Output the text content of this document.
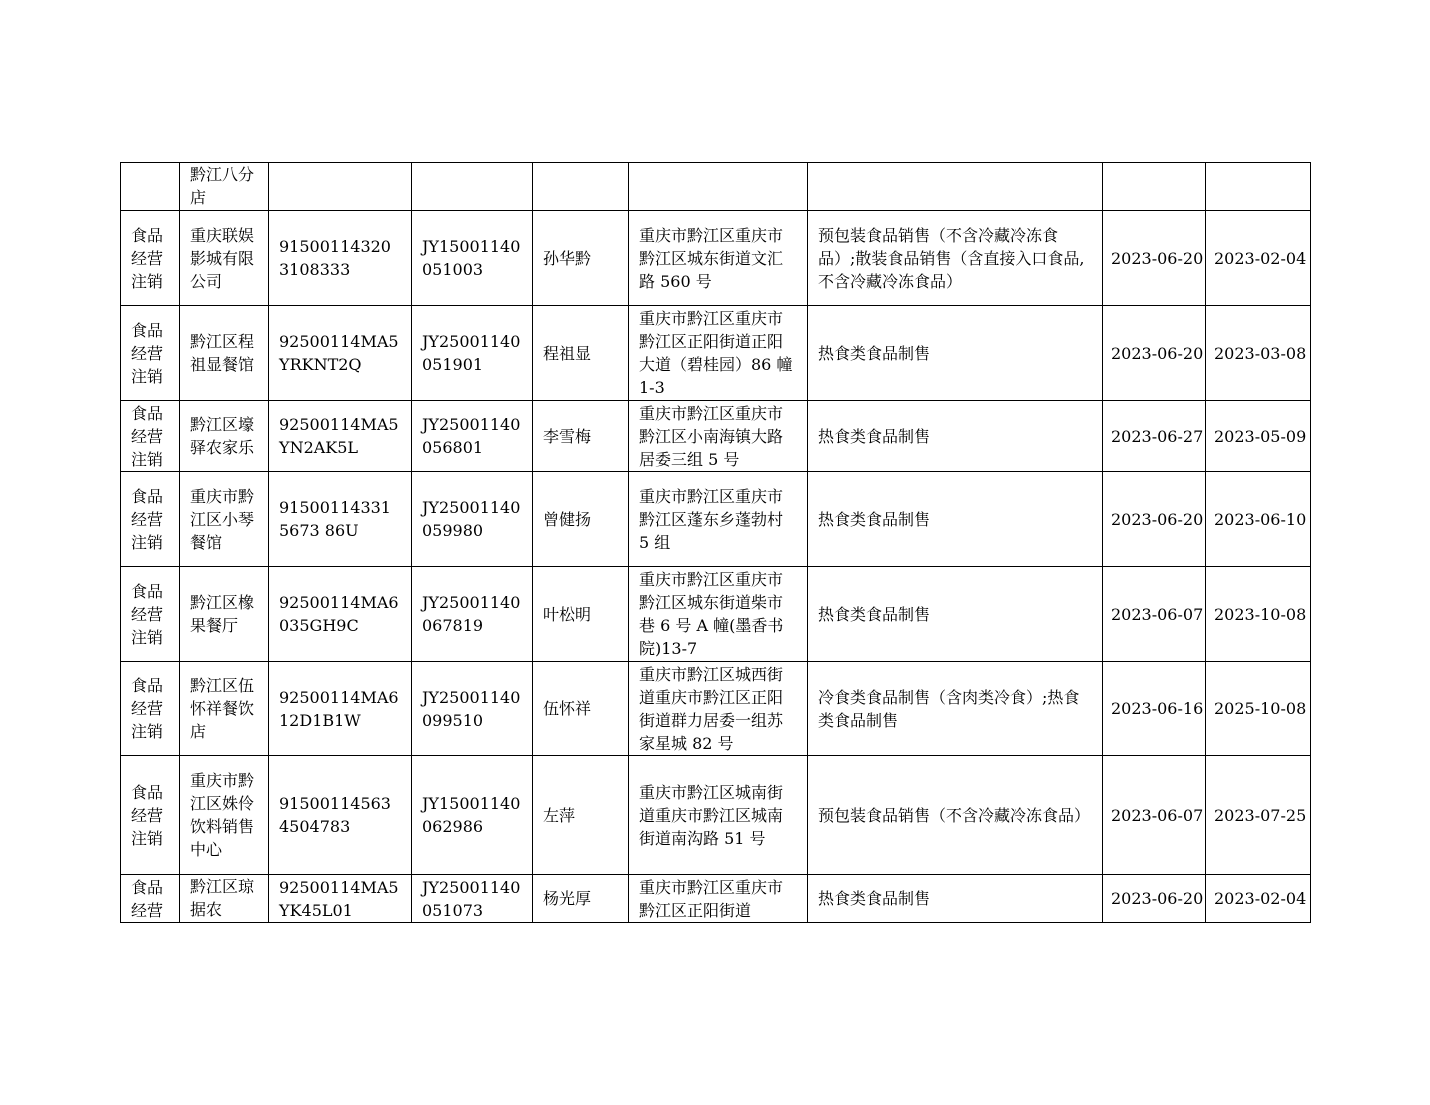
	黔江八分店							
食品经营注销	重庆联娱影城有限公司	915001143203108333	JY15001140051003	孙华黔	重庆市黔江区重庆市黔江区城东街道文汇路 560 号	预包装食品销售（不含冷藏冷冻食品）;散装食品销售（含直接入口食品,不含冷藏冷冻食品）	2023-06-20	2023-02-04
食品经营注销	黔江区程祖显餐馆	92500114MA5YRKNT2Q	JY25001140051901	程祖显	重庆市黔江区重庆市黔江区正阳街道正阳大道（碧桂园）86 幢 1-3	热食类食品制售	2023-06-20	2023-03-08
食品经营注销	黔江区壕驿农家乐	92500114MA5YN2AK5L	JY25001140056801	李雪梅	重庆市黔江区重庆市黔江区小南海镇大路居委三组 5 号	热食类食品制售	2023-06-27	2023-05-09
食品经营注销	重庆市黔江区小琴餐馆	915001143315673 86U	JY25001140059980	曾健扬	重庆市黔江区重庆市黔江区蓬东乡蓬勃村 5 组	热食类食品制售	2023-06-20	2023-06-10
食品经营注销	黔江区橡果餐厅	92500114MA6035GH9C	JY25001140067819	叶松明	重庆市黔江区重庆市黔江区城东街道柴市巷 6 号 A 幢(墨香书院)13-7	热食类食品制售	2023-06-07	2023-10-08
食品经营注销	黔江区伍怀祥餐饮店	92500114MA612D1B1W	JY25001140099510	伍怀祥	重庆市黔江区城西街道重庆市黔江区正阳街道群力居委一组苏家星城 82 号	冷食类食品制售（含肉类冷食）;热食类食品制售	2023-06-16	2025-10-08
食品经营注销	重庆市黔江区姝伶饮料销售中心	915001145634504783	JY15001140062986	左萍	重庆市黔江区城南街道重庆市黔江区城南街道南沟路 51 号	预包装食品销售（不含冷藏冷冻食品）	2023-06-07	2023-07-25
食品经营	黔江区琼据农	92500114MA5YK45L01	JY25001140051073	杨光厚	重庆市黔江区重庆市黔江区正阳街道	热食类食品制售	2023-06-20	2023-02-04
